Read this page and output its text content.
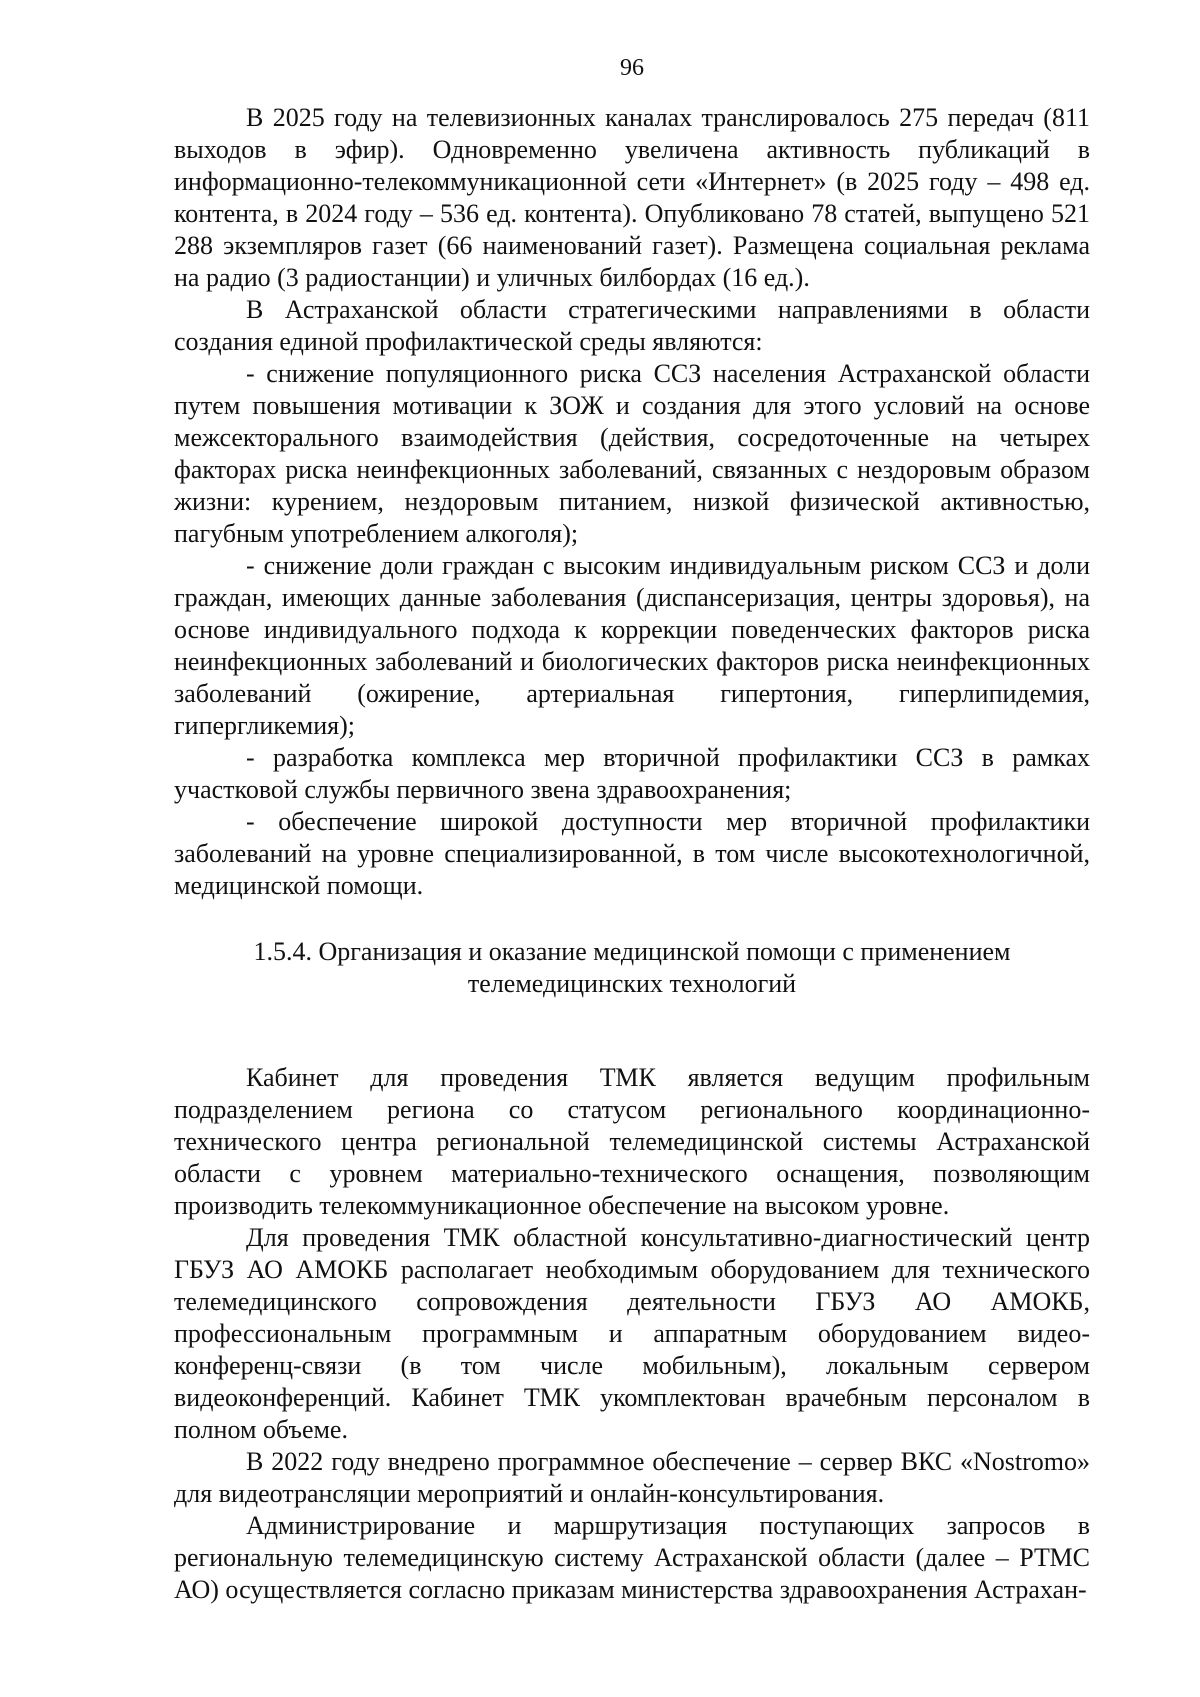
96

В 2025 году на телевизионных каналах транслировалось 275 передач (811 выходов в эфир). Одновременно увеличена активность публикаций в информационно-телекоммуникационной сети «Интернет» (в 2025 году – 498 ед. контента, в 2024 году – 536 ед. контента). Опубликовано 78 статей, выпущено 521 288 экземпляров газет (66 наименований газет). Размещена социальная реклама на радио (3 радиостанции) и уличных билбордах (16 ед.).

В Астраханской области стратегическими направлениями в области создания единой профилактической среды являются:

- снижение популяционного риска ССЗ населения Астраханской области путем повышения мотивации к ЗОЖ и создания для этого условий на основе межсекторального взаимодействия (действия, сосредоточенные на четырех факторах риска неинфекционных заболеваний, связанных с нездоровым образом жизни: курением, нездоровым питанием, низкой физической активностью, пагубным употреблением алкоголя);

- снижение доли граждан с высоким индивидуальным риском ССЗ и доли граждан, имеющих данные заболевания (диспансеризация, центры здоровья), на основе индивидуального подхода к коррекции поведенческих факторов риска неинфекционных заболеваний и биологических факторов риска неинфекционных заболеваний (ожирение, артериальная гипертония, гиперлипидемия, гипергликемия);

- разработка комплекса мер вторичной профилактики ССЗ в рамках участковой службы первичного звена здравоохранения;

- обеспечение широкой доступности мер вторичной профилактики заболеваний на уровне специализированной, в том числе высокотехнологичной, медицинской помощи.

1.5.4. Организация и оказание медицинской помощи с применением
телемедицинских технологий

Кабинет для проведения ТМК является ведущим профильным подразделением региона со статусом регионального координационно-технического центра региональной телемедицинской системы Астраханской области с уровнем материально-технического оснащения, позволяющим производить телекоммуникационное обеспечение на высоком уровне.

Для проведения ТМК областной консультативно-диагностический центр ГБУЗ АО АМОКБ располагает необходимым оборудованием для технического телемедицинского сопровождения деятельности ГБУЗ АО АМОКБ, профессиональным программным и аппаратным оборудованием видео-конференц-связи (в том числе мобильным), локальным сервером видеоконференций. Кабинет ТМК укомплектован врачебным персоналом в полном объеме.

В 2022 году внедрено программное обеспечение – сервер ВКС «Nostromo» для видеотрансляции мероприятий и онлайн-консультирования.

Администрирование и маршрутизация поступающих запросов в региональную телемедицинскую систему Астраханской области (далее – РТМС АО) осуществляется согласно приказам министерства здравоохранения Астрахан-
